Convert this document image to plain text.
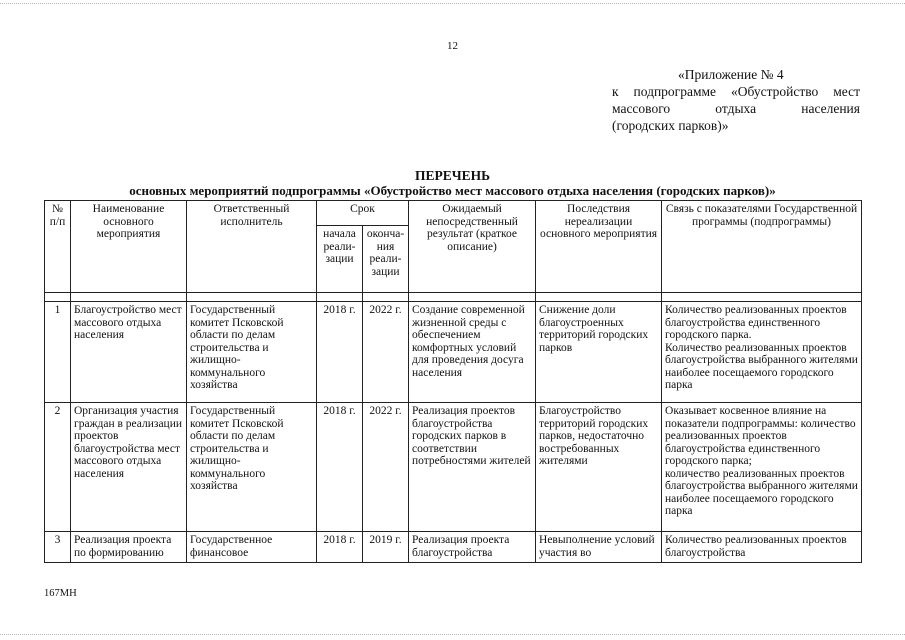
12
«Приложение № 4
к подпрограмме «Обустройство мест
массового отдыха населения
(городских парков)»
ПЕРЕЧЕНЬ
основных мероприятий подпрограммы «Обустройство мест массового отдыха населения (городских парков)»
№ п/п	Наименование основного мероприятия	Ответственный исполнитель	Срок		Ожидаемый непосредственный результат (краткое описание)	Последствия нереализации основного мероприятия	Связь с показателями Государственной программы (подпрограммы)
			начала реали-зации	оконча-ния реали-зации			

1	Благоустройство мест массового отдыха населения	Государственный комитет Псковской области по делам строительства и жилищно-коммунального хозяйства	2018 г.	2022 г.	Создание современной жизненной среды с обеспечением комфортных условий для проведения досуга населения	Снижение доли благоустроенных территорий городских парков	Количество реализованных проектов благоустройства единственного городского парка.
Количество реализованных проектов благоустройства выбранного жителями наиболее посещаемого городского парка

2	Организация участия граждан в реализации проектов благоустройства мест массового отдыха населения	Государственный комитет Псковской области по делам строительства и жилищно-коммунального хозяйства	2018 г.	2022 г.	Реализация проектов благоустройства городских парков в соответствии потребностями жителей	Благоустройство территорий городских парков, недостаточно востребованных жителями	Оказывает косвенное влияние на показатели подпрограммы: количество реализованных проектов благоустройства единственного городского парка;
количество реализованных проектов благоустройства выбранного жителями наиболее посещаемого городского парка

3	Реализация проекта по формированию	Государственное финансовое	2018 г.	2019 г.	Реализация проекта благоустройства	Невыполнение условий участия во	Количество реализованных проектов благоустройства
167МН
